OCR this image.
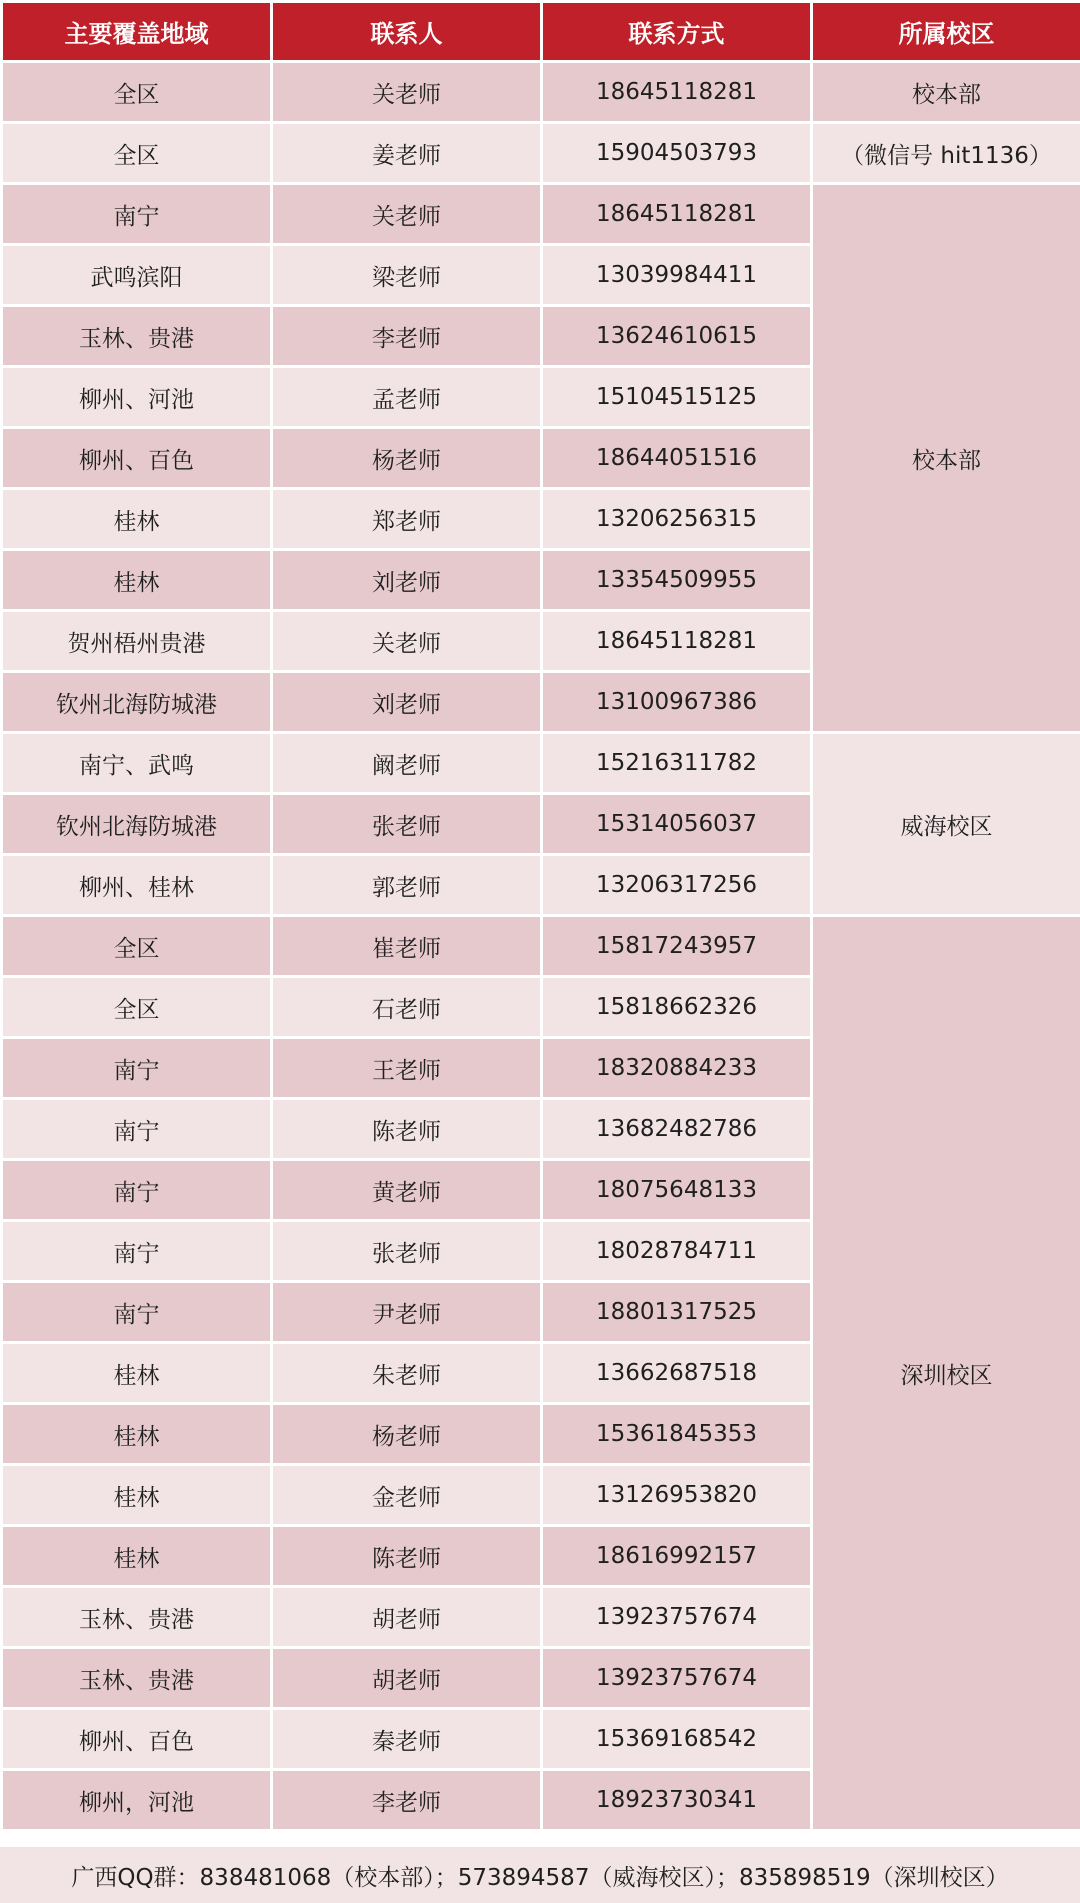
主要覆盖地域	联系人	联系方式	所属校区
全区	关老师	18645118281	校本部
全区	姜老师	15904503793	（微信号 hit1136）
南宁	关老师	18645118281	校本部
武鸣滨阳	梁老师	13039984411	
玉林、贵港	李老师	13624610615	
柳州、河池	孟老师	15104515125	
柳州、百色	杨老师	18644051516	
桂林	郑老师	13206256315	
桂林	刘老师	13354509955	
贺州梧州贵港	关老师	18645118281	
钦州北海防城港	刘老师	13100967386	
南宁、武鸣	阚老师	15216311782	威海校区
钦州北海防城港	张老师	15314056037	
柳州、桂林	郭老师	13206317256	
全区	崔老师	15817243957	深圳校区
全区	石老师	15818662326	
南宁	王老师	18320884233	
南宁	陈老师	13682482786	
南宁	黄老师	18075648133	
南宁	张老师	18028784711	
南宁	尹老师	18801317525	
桂林	朱老师	13662687518	
桂林	杨老师	15361845353	
桂林	金老师	13126953820	
桂林	陈老师	18616992157	
玉林、贵港	胡老师	13923757674	
玉林、贵港	胡老师	13923757674	
柳州、百色	秦老师	15369168542	
柳州，河池	李老师	18923730341	
广西QQ群：838481068（校本部）；573894587（威海校区）；835898519（深圳校区）
